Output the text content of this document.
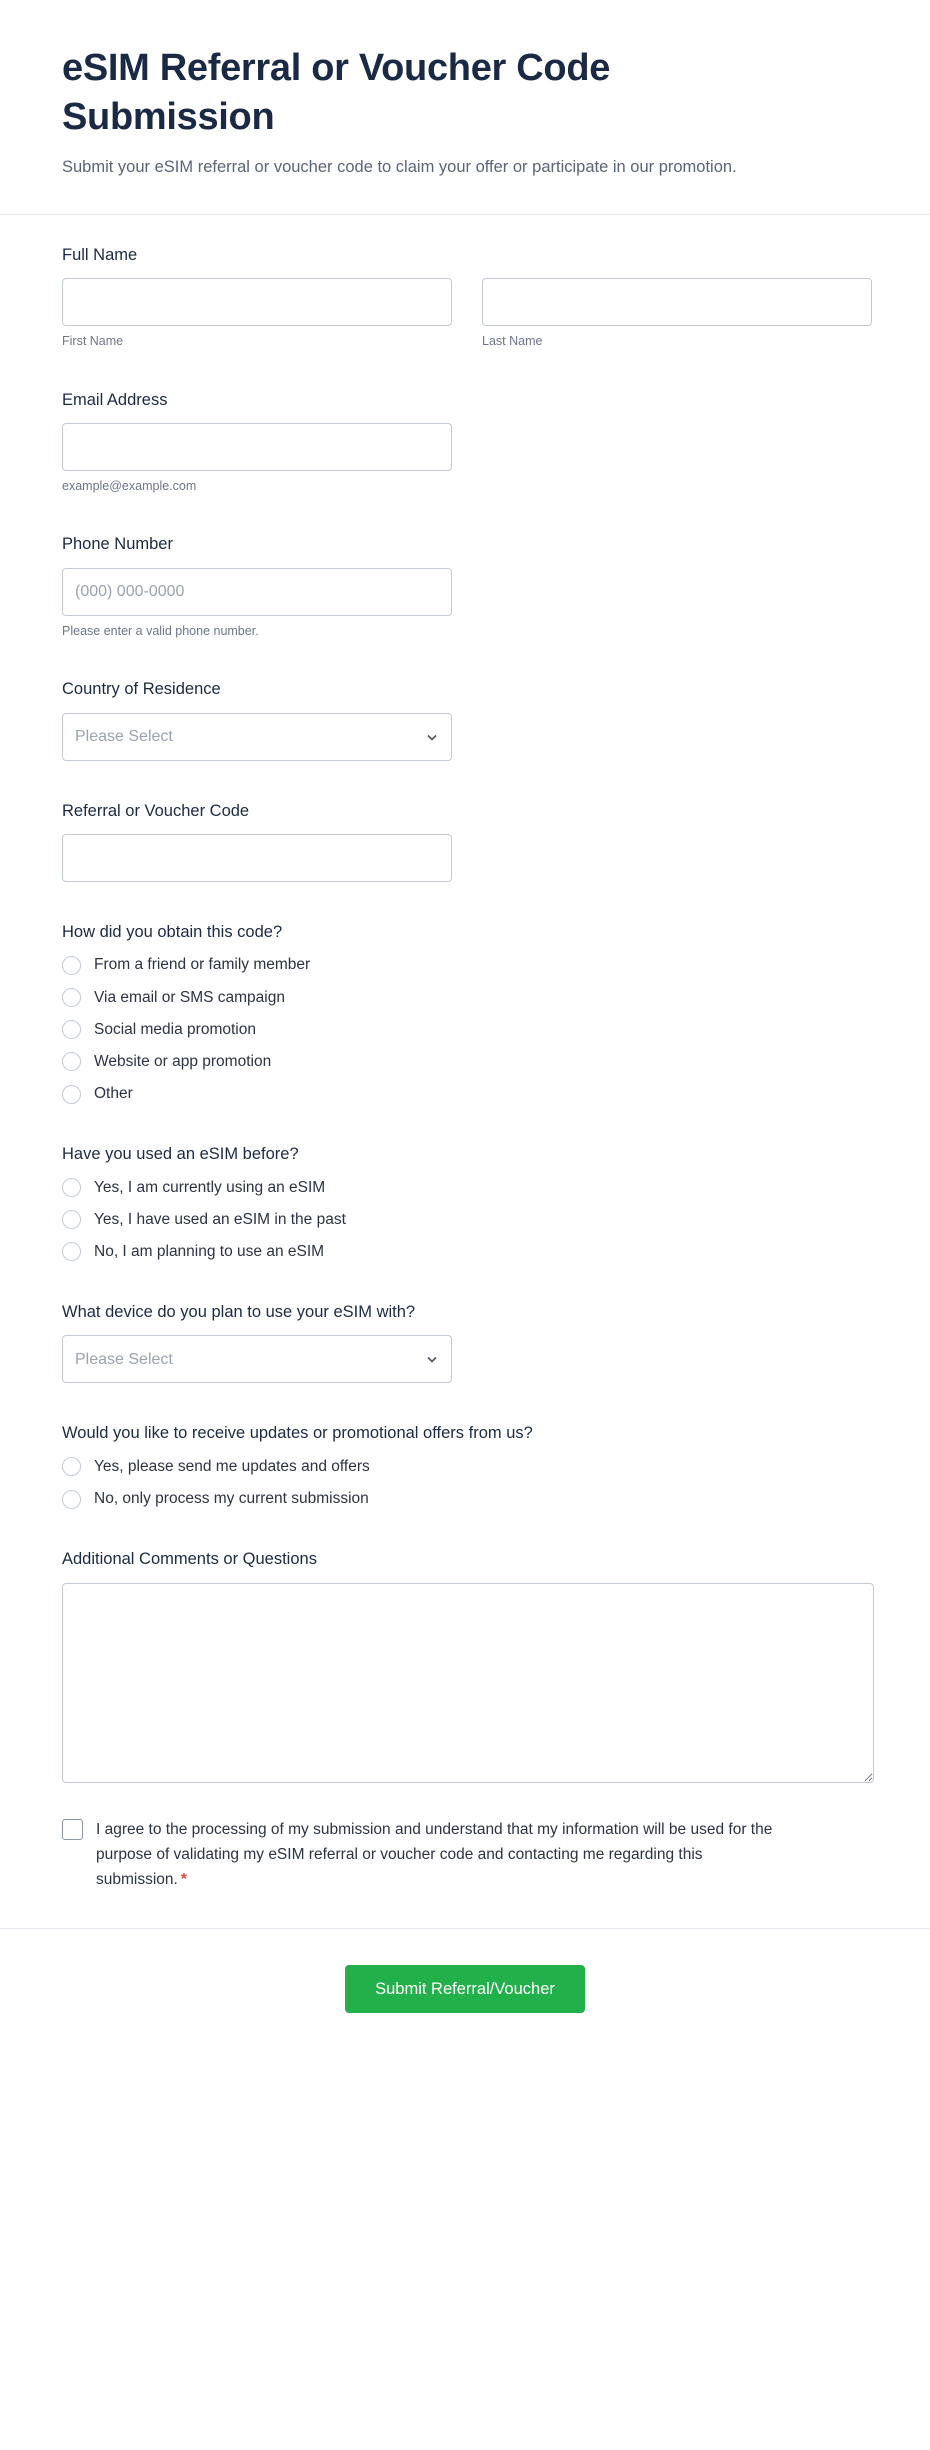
eSIM Referral or Voucher Code Submission

Submit your eSIM referral or voucher code to claim your offer or participate in our promotion.

Full Name
First Name	Last Name
Email Address
example@example.com
Phone Number
(000) 000-0000
Please enter a valid phone number.
Country of Residence
Please Select
Referral or Voucher Code
How did you obtain this code?
From a friend or family member
Via email or SMS campaign
Social media promotion
Website or app promotion
Other
Have you used an eSIM before?
Yes, I am currently using an eSIM
Yes, I have used an eSIM in the past
No, I am planning to use an eSIM
What device do you plan to use your eSIM with?
Please Select
Would you like to receive updates or promotional offers from us?
Yes, please send me updates and offers
No, only process my current submission
Additional Comments or Questions
I agree to the processing of my submission and understand that my information will be used for the purpose of validating my eSIM referral or voucher code and contacting me regarding this submission. *
Submit Referral/Voucher
